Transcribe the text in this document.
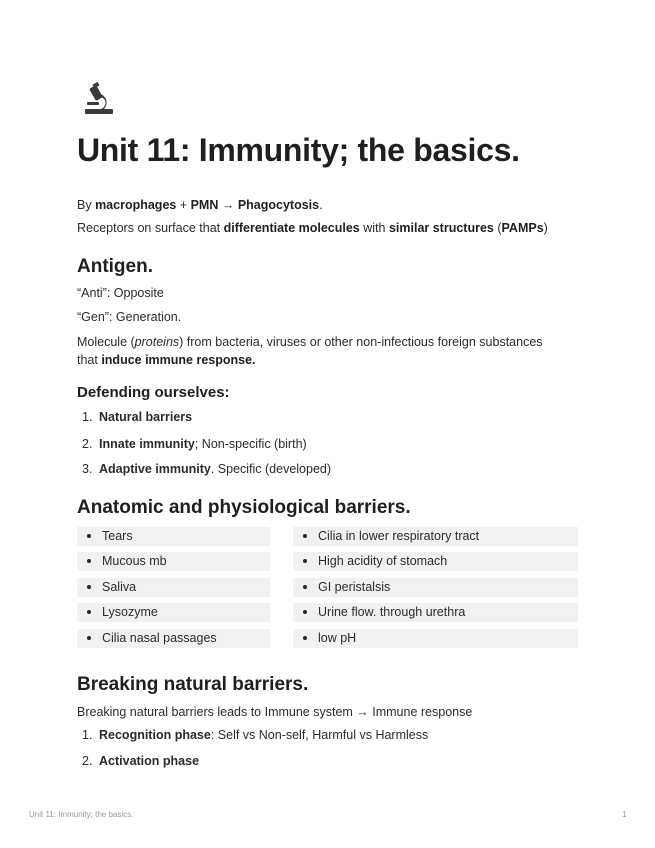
Unit 11: Immunity; the basics.

By macrophages + PMN → Phagocytosis.

Receptors on surface that differentiate molecules with similar structures (PAMPs)

Antigen.

“Anti”: Opposite

“Gen”: Generation.

Molecule (proteins) from bacteria, viruses or other non-infectious foreign substances

that induce immune response.

Defending ourselves:
1. Natural barriers
2. Innate immunity; Non-specific (birth)
3. Adaptive immunity. Specific (developed)
Anatomic and physiological barriers.
Tears
Mucous mb
Saliva
Lysozyme
Cilia nasal passages
Cilia in lower respiratory tract
High acidity of stomach
GI peristalsis
Urine flow. through urethra
low pH
Breaking natural barriers.

Breaking natural barriers leads to Immune system → Immune response

1. Recognition phase: Self vs Non-self, Harmful vs Harmless
2. Activation phase
Unit 11: Immunity; the basics.	1
